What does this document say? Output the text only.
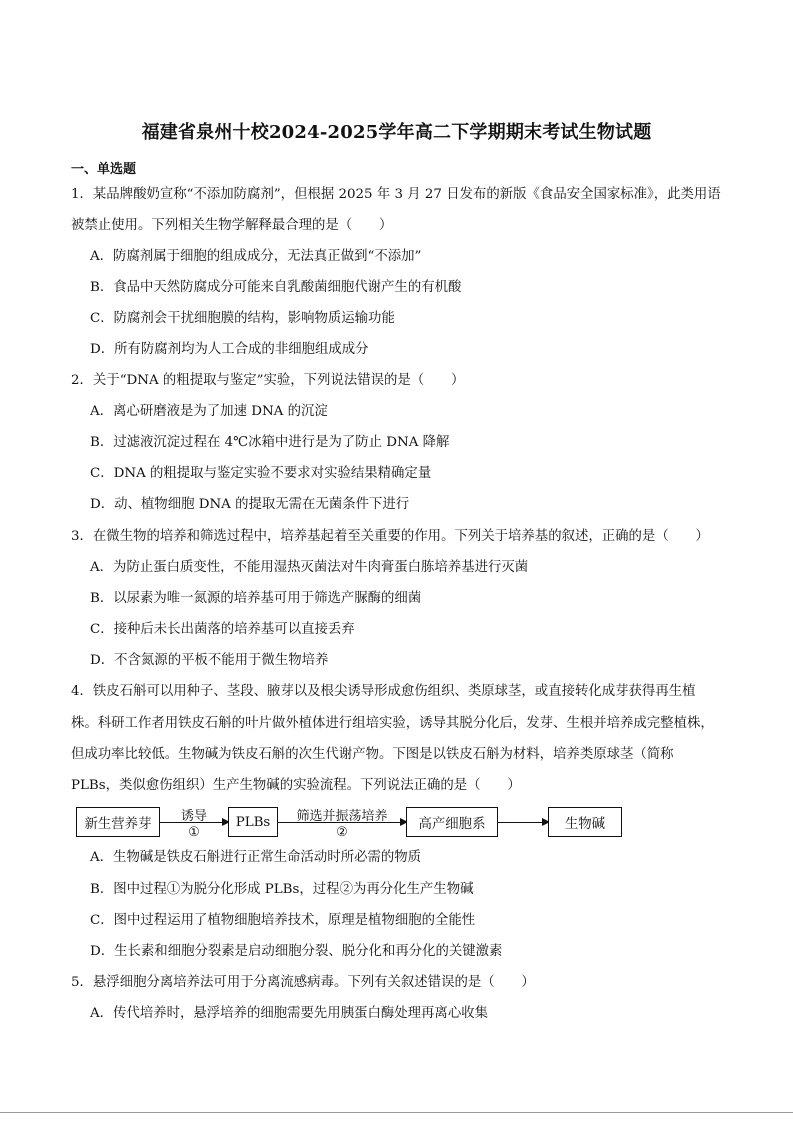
福建省泉州十校2024-2025学年高二下学期期末考试生物试题
一、单选题
1．某品牌酸奶宣称“不添加防腐剂”，但根据 2025 年 3 月 27 日发布的新版《食品安全国家标准》，此类用语
被禁止使用。下列相关生物学解释最合理的是（　　）
A．防腐剂属于细胞的组成成分，无法真正做到“不添加”
B．食品中天然防腐成分可能来自乳酸菌细胞代谢产生的有机酸
C．防腐剂会干扰细胞膜的结构，影响物质运输功能
D．所有防腐剂均为人工合成的非细胞组成成分
2．关于“DNA 的粗提取与鉴定”实验，下列说法错误的是（　　）
A．离心研磨液是为了加速 DNA 的沉淀
B．过滤液沉淀过程在 4℃冰箱中进行是为了防止 DNA 降解
C．DNA 的粗提取与鉴定实验不要求对实验结果精确定量
D．动、植物细胞 DNA 的提取无需在无菌条件下进行
3．在微生物的培养和筛选过程中，培养基起着至关重要的作用。下列关于培养基的叙述，正确的是（　　）
A．为防止蛋白质变性，不能用湿热灭菌法对牛肉膏蛋白胨培养基进行灭菌
B．以尿素为唯一氮源的培养基可用于筛选产脲酶的细菌
C．接种后未长出菌落的培养基可以直接丢弃
D．不含氮源的平板不能用于微生物培养
4．铁皮石斛可以用种子、茎段、腋芽以及根尖诱导形成愈伤组织、类原球茎，或直接转化成芽获得再生植
株。科研工作者用铁皮石斛的叶片做外植体进行组培实验，诱导其脱分化后，发芽、生根并培养成完整植株，
但成功率比较低。生物碱为铁皮石斛的次生代谢产物。下图是以铁皮石斛为材料，培养类原球茎（简称
PLBs，类似愈伤组织）生产生物碱的实验流程。下列说法正确的是（　　）
新生营养芽	诱导
①
PLBs	筛选并振荡培养
②
高产细胞系	生物碱
A．生物碱是铁皮石斛进行正常生命活动时所必需的物质
B．图中过程①为脱分化形成 PLBs，过程②为再分化生产生物碱
C．图中过程运用了植物细胞培养技术，原理是植物细胞的全能性
D．生长素和细胞分裂素是启动细胞分裂、脱分化和再分化的关键激素
5．悬浮细胞分离培养法可用于分离流感病毒。下列有关叙述错误的是（　　）
A．传代培养时，悬浮培养的细胞需要先用胰蛋白酶处理再离心收集
